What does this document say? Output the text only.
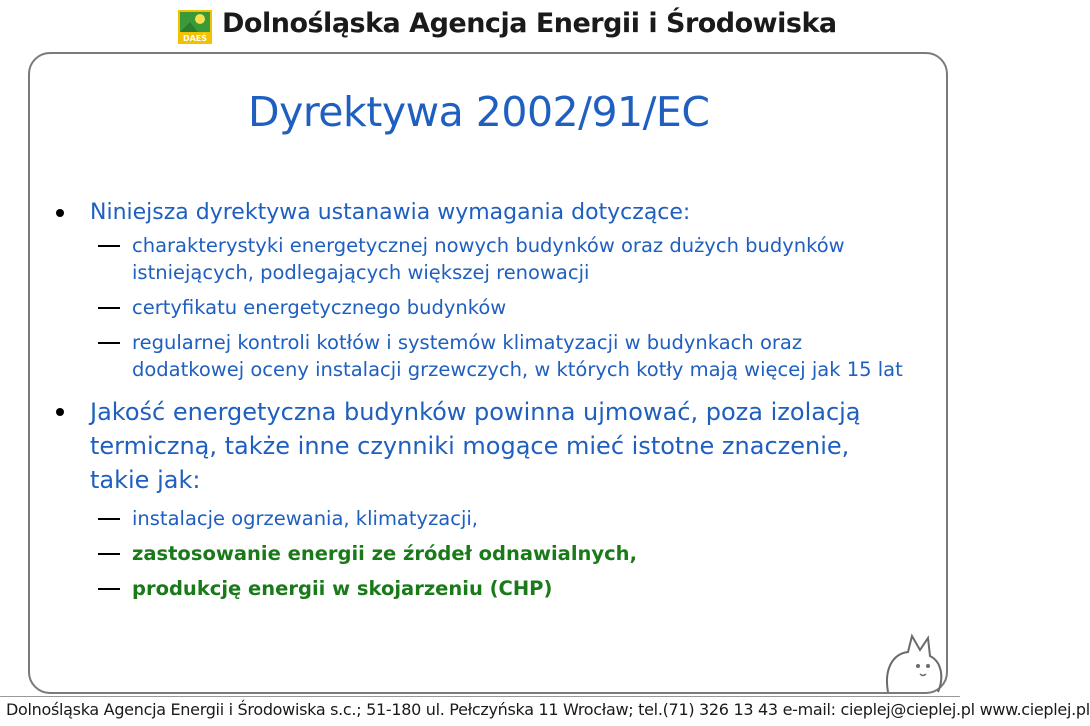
DAEŚ Dolnośląska Agencja Energii i Środowiska
Dyrektywa 2002/91/EC
Niniejsza dyrektywa ustanawia wymagania dotyczące:
charakterystyki energetycznej nowych budynków oraz dużych budynków istniejących, podlegających większej renowacji
certyfikatu energetycznego budynków
regularnej kontroli kotłów i systemów klimatyzacji w budynkach oraz dodatkowej oceny instalacji grzewczych, w których kotły mają więcej jak 15 lat
Jakość energetyczna budynków powinna ujmować, poza izolacją termiczną, także inne czynniki mogące mieć istotne znaczenie, takie jak:
instalacje ogrzewania, klimatyzacji,
zastosowanie energii ze źródeł odnawialnych,
produkcję energii w skojarzeniu (CHP)
Dolnośląska Agencja Energii i Środowiska s.c.; 51-180 ul. Pełczyńska 11 Wrocław; tel.(71) 326 13 43 e-mail: cieplej@cieplej.pl www.cieplej.pl
